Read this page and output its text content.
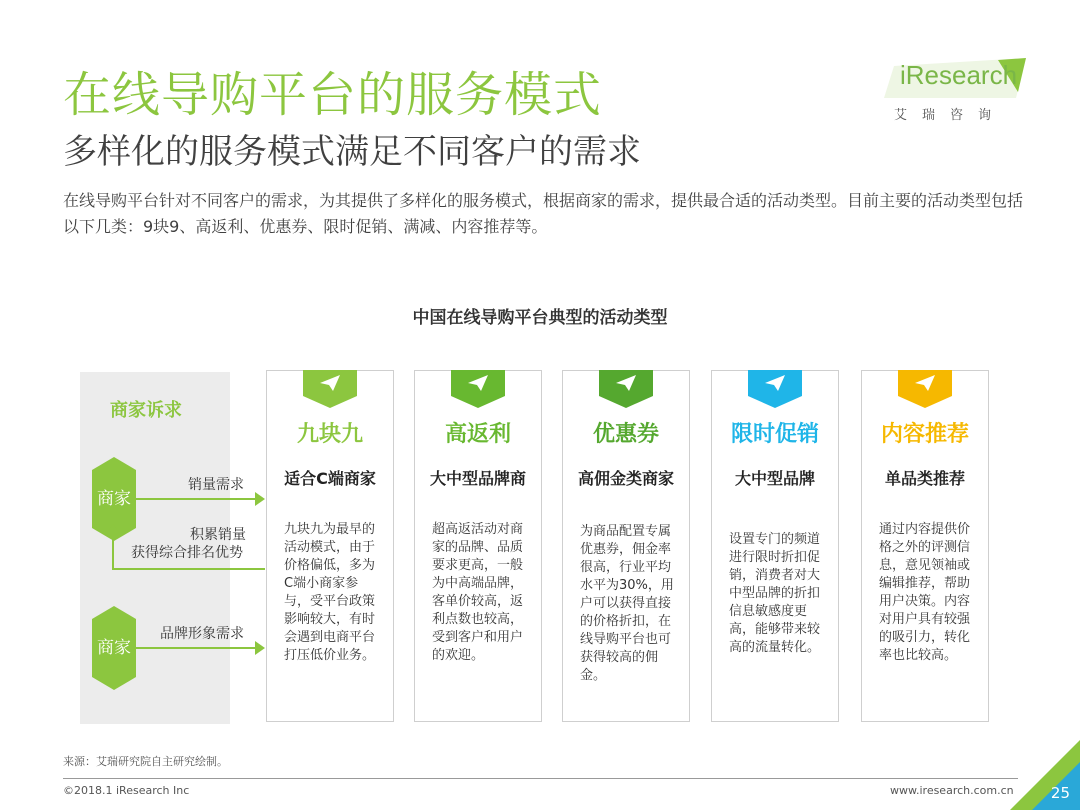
在线导购平台的服务模式
多样化的服务模式满足不同客户的需求
在线导购平台针对不同客户的需求，为其提供了多样化的服务模式，根据商家的需求，提供最合适的活动类型。目前主要的活动类型包括以下几类：9块9、高返利、优惠券、限时促销、满减、内容推荐等。
iResearch
艾瑞咨询
中国在线导购平台典型的活动类型
商家诉求
商家
商家
销量需求
积累销量
获得综合排名优势
品牌形象需求
九块九
适合C端商家
九块九为最早的活动模式，由于价格偏低，多为C端小商家参与，受平台政策影响较大，有时会遇到电商平台打压低价业务。
高返利
大中型品牌商
超高返活动对商家的品牌、品质要求更高，一般为中高端品牌，客单价较高，返利点数也较高，受到客户和用户的欢迎。
优惠券
高佣金类商家
为商品配置专属优惠券，佣金率很高，行业平均水平为30%，用户可以获得直接的价格折扣，在线导购平台也可获得较高的佣金。
限时促销
大中型品牌
设置专门的频道进行限时折扣促销，消费者对大中型品牌的折扣信息敏感度更高，能够带来较高的流量转化。
内容推荐
单品类推荐
通过内容提供价格之外的评测信息，意见领袖或编辑推荐，帮助用户决策。内容对用户具有较强的吸引力，转化率也比较高。
来源：艾瑞研究院自主研究绘制。
©2018.1 iResearch Inc	www.iresearch.com.cn 25
